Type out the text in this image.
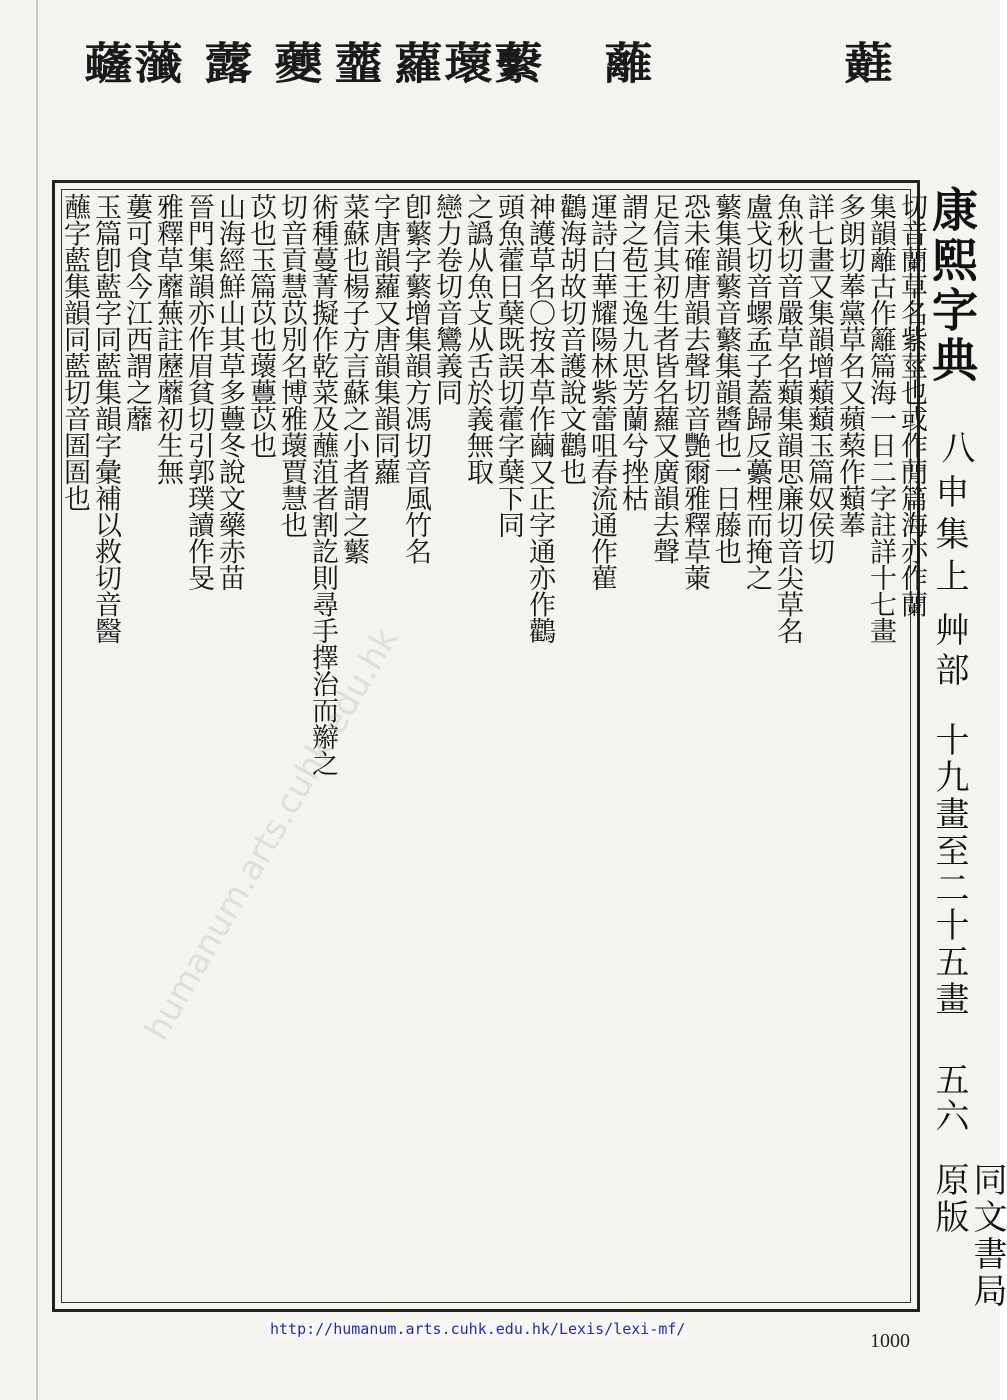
蘳
蘺
蘻
蘾
蘿
虀
虁
虂
虃
虄
切音蘭草名紫莖也或作蕑篇海亦作蘭
集韻蘺古作籬篇海一日二字註詳十七畫
多朗切菶黨草名又蘋蔾作蘱菶
詳七畫又集韻增蘱蘱玉篇奴侯切
魚秋切音嚴草名蘱集韻思廉切音尖草名
盧戈切音螺孟子蓋歸反虆梩而掩之
蘩集韻蘩音蘩集韻醬也一日藤也
恐未確唐韻去聲切音艷爾雅釋草萰
足信其初生者皆名蘿又廣韻去聲
謂之苞王逸九思芳蘭兮挫枯
運詩白華耀陽林紫蕾咀春流通作雚
鸛海胡故切音護說文鸛也
神護草名〇按本草作繭又正字通亦作鸛
頭魚藿日蘖既誤切藿字蘖下同
之譌从魚攴从舌於義無取
戀力卷切音鸞義同
卽蘩字蘩增集韻方馮切音風竹名
字唐韻蘿又唐韻集韻同蘿
菜蘇也楊子方言蘇之小者謂之蘩
術種蔓菁擬作乾菜及蘸菹者割訖則尋手擇治而辮之
切音貢慧苡別名博雅蘾賈慧也
苡也玉篇苡也蘾蘴苡也
山海經鮮山其草多蘴冬說文藥赤苗
晉門集韻亦作眉貧切引郭璞讀作旻
雅釋草蘼蕪註藶蘼初生無
蔞可食今江西謂之蘼
玉篇卽藍字同藍集韻字彙補以救切音醫
蘸字藍集韻同藍切音圄圄也
humanum.arts.cuhk.edu.hk
康熙字典
八
申集上
艸部
十九畫至二十五畫
五六
同文書局原版
http://humanum.arts.cuhk.edu.hk/Lexis/lexi-mf/
1000
